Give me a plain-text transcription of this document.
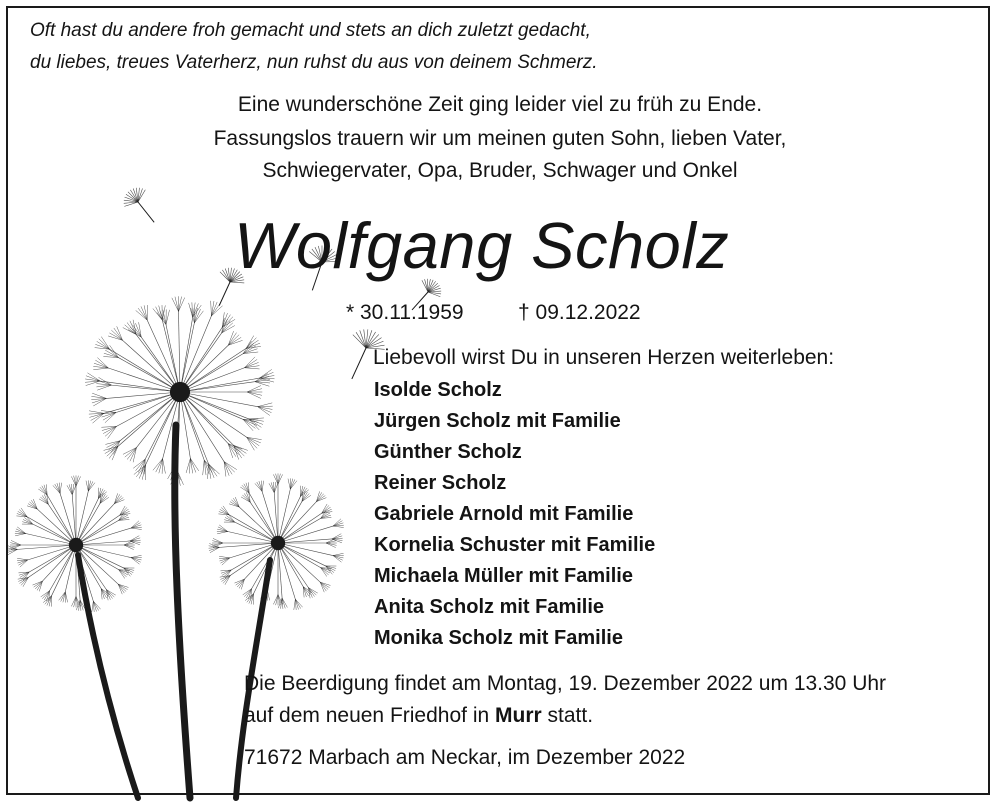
Oft hast du andere froh gemacht und stets an dich zuletzt gedacht,
du liebes, treues Vaterherz, nun ruhst du aus von deinem Schmerz.
Eine wunderschöne Zeit ging leider viel zu früh zu Ende.
Fassungslos trauern wir um meinen guten Sohn, lieben Vater,
Schwiegervater, Opa, Bruder, Schwager und Onkel
Wolfgang Scholz
* 30.11.1959	† 09.12.2022
Liebevoll wirst Du in unseren Herzen weiterleben:
Isolde Scholz
Jürgen Scholz mit Familie
Günther Scholz
Reiner Scholz
Gabriele Arnold mit Familie
Kornelia Schuster mit Familie
Michaela Müller mit Familie
Anita Scholz mit Familie
Monika Scholz mit Familie
Die Beerdigung findet am Montag, 19. Dezember 2022 um 13.30 Uhr
auf dem neuen Friedhof in Murr statt.
71672 Marbach am Neckar, im Dezember 2022
